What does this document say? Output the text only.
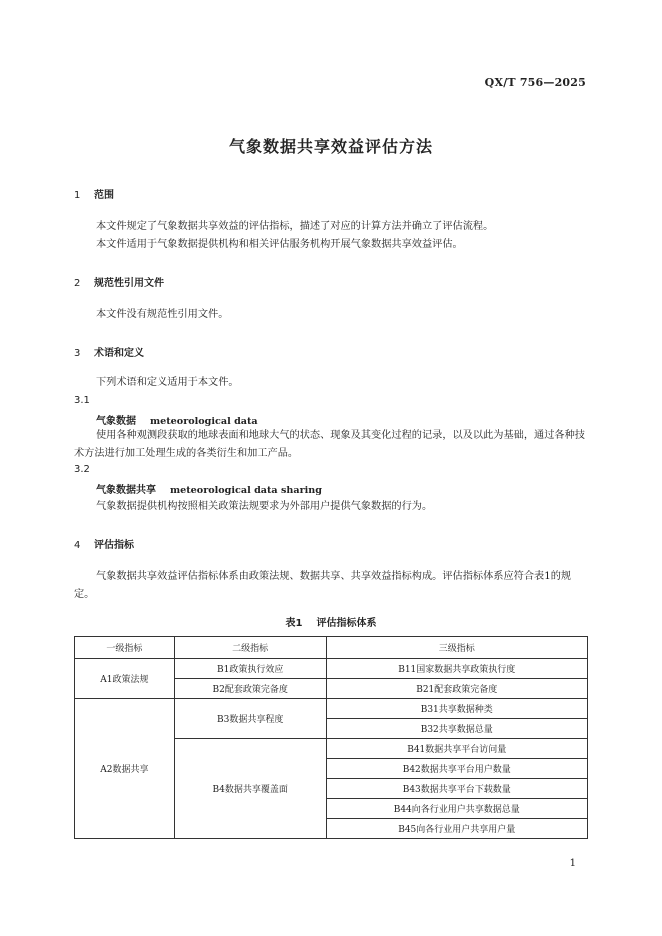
QX/T 756—2025
气象数据共享效益评估方法
1 范围
本文件规定了气象数据共享效益的评估指标，描述了对应的计算方法并确立了评估流程。
本文件适用于气象数据提供机构和相关评估服务机构开展气象数据共享效益评估。
2 规范性引用文件
本文件没有规范性引用文件。
3 术语和定义
下列术语和定义适用于本文件。
3.1
气象数据 meteorological data
使用各种观测段获取的地球表面和地球大气的状态、现象及其变化过程的记录，以及以此为基础，通过各种技术方法进行加工处理生成的各类衍生和加工产品。
3.2
气象数据共享 meteorological data sharing
气象数据提供机构按照相关政策法规要求为外部用户提供气象数据的行为。
4 评估指标
气象数据共享效益评估指标体系由政策法规、数据共享、共享效益指标构成。评估指标体系应符合表1的规定。
表1 评估指标体系
一级指标	二级指标	三级指标
A1政策法规	B1政策执行效应	B11国家数据共享政策执行度
	B2配套政策完备度	B21配套政策完备度
A2数据共享	B3数据共享程度	B31共享数据种类
		B32共享数据总量
	B4数据共享覆盖面	B41数据共享平台访问量
		B42数据共享平台用户数量
		B43数据共享平台下载数量
		B44向各行业用户共享数据总量
		B45向各行业用户共享用户量
1
